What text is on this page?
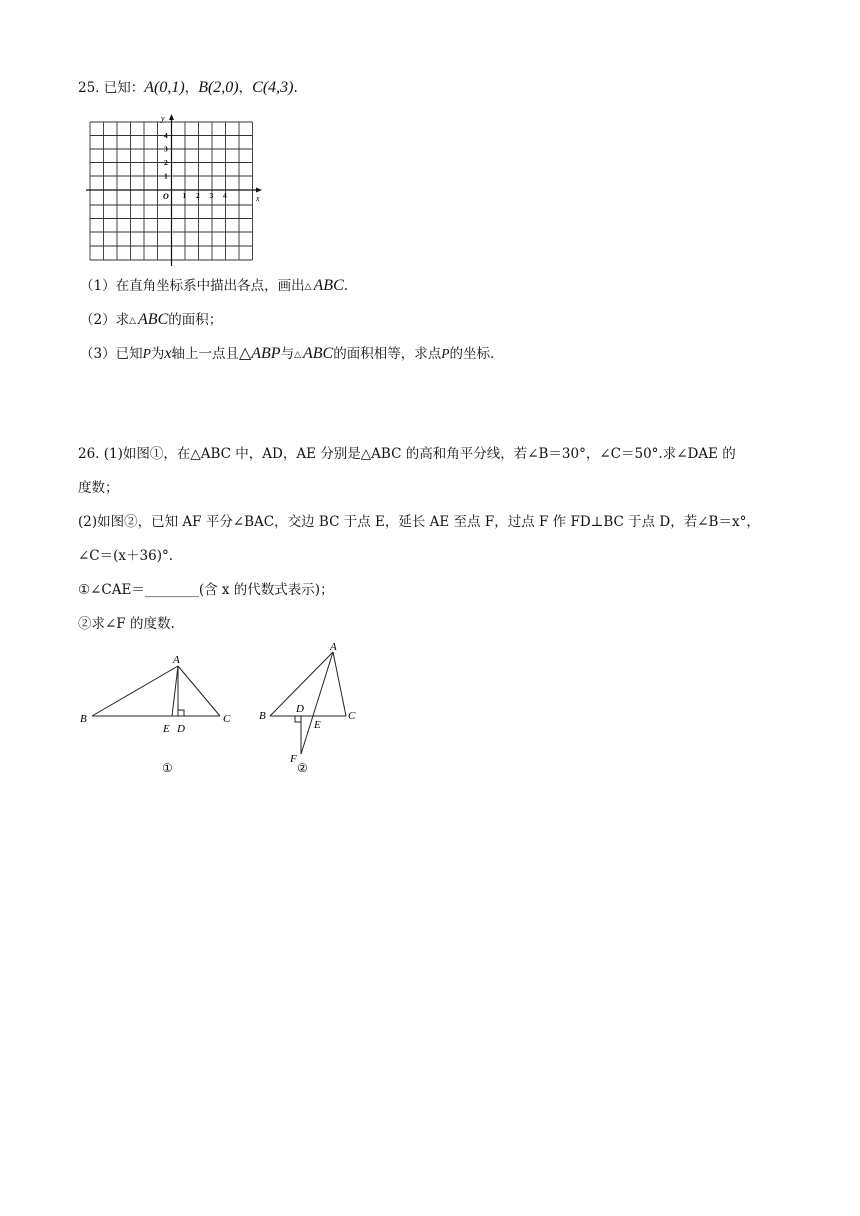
25. 已知：A(0,1)，B(2,0)，C(4,3).
y
x
O 1 2 3 4
1
2
3
4
（1）在直角坐标系中描出各点，画出△ ABC.
（2）求△ ABC的面积；
（3）已知P为x轴上一点且△ABP与△ ABC的面积相等，求点P的坐标.
26. (1)如图①，在△ABC 中，AD，AE 分别是△ABC 的高和角平分线，若∠B＝30°，∠C＝50°.求∠DAE 的
度数；
(2)如图②，已知 AF 平分∠BAC，交边 BC 于点 E，延长 AE 至点 F，过点 F 作 FD⊥BC 于点 D，若∠B＝x°，
∠C＝(x＋36)°.
①∠CAE＝________(含 x 的代数式表示)；
②求∠F 的度数.
A
B	C
E D
①
A
B	C
D
E
F
②
